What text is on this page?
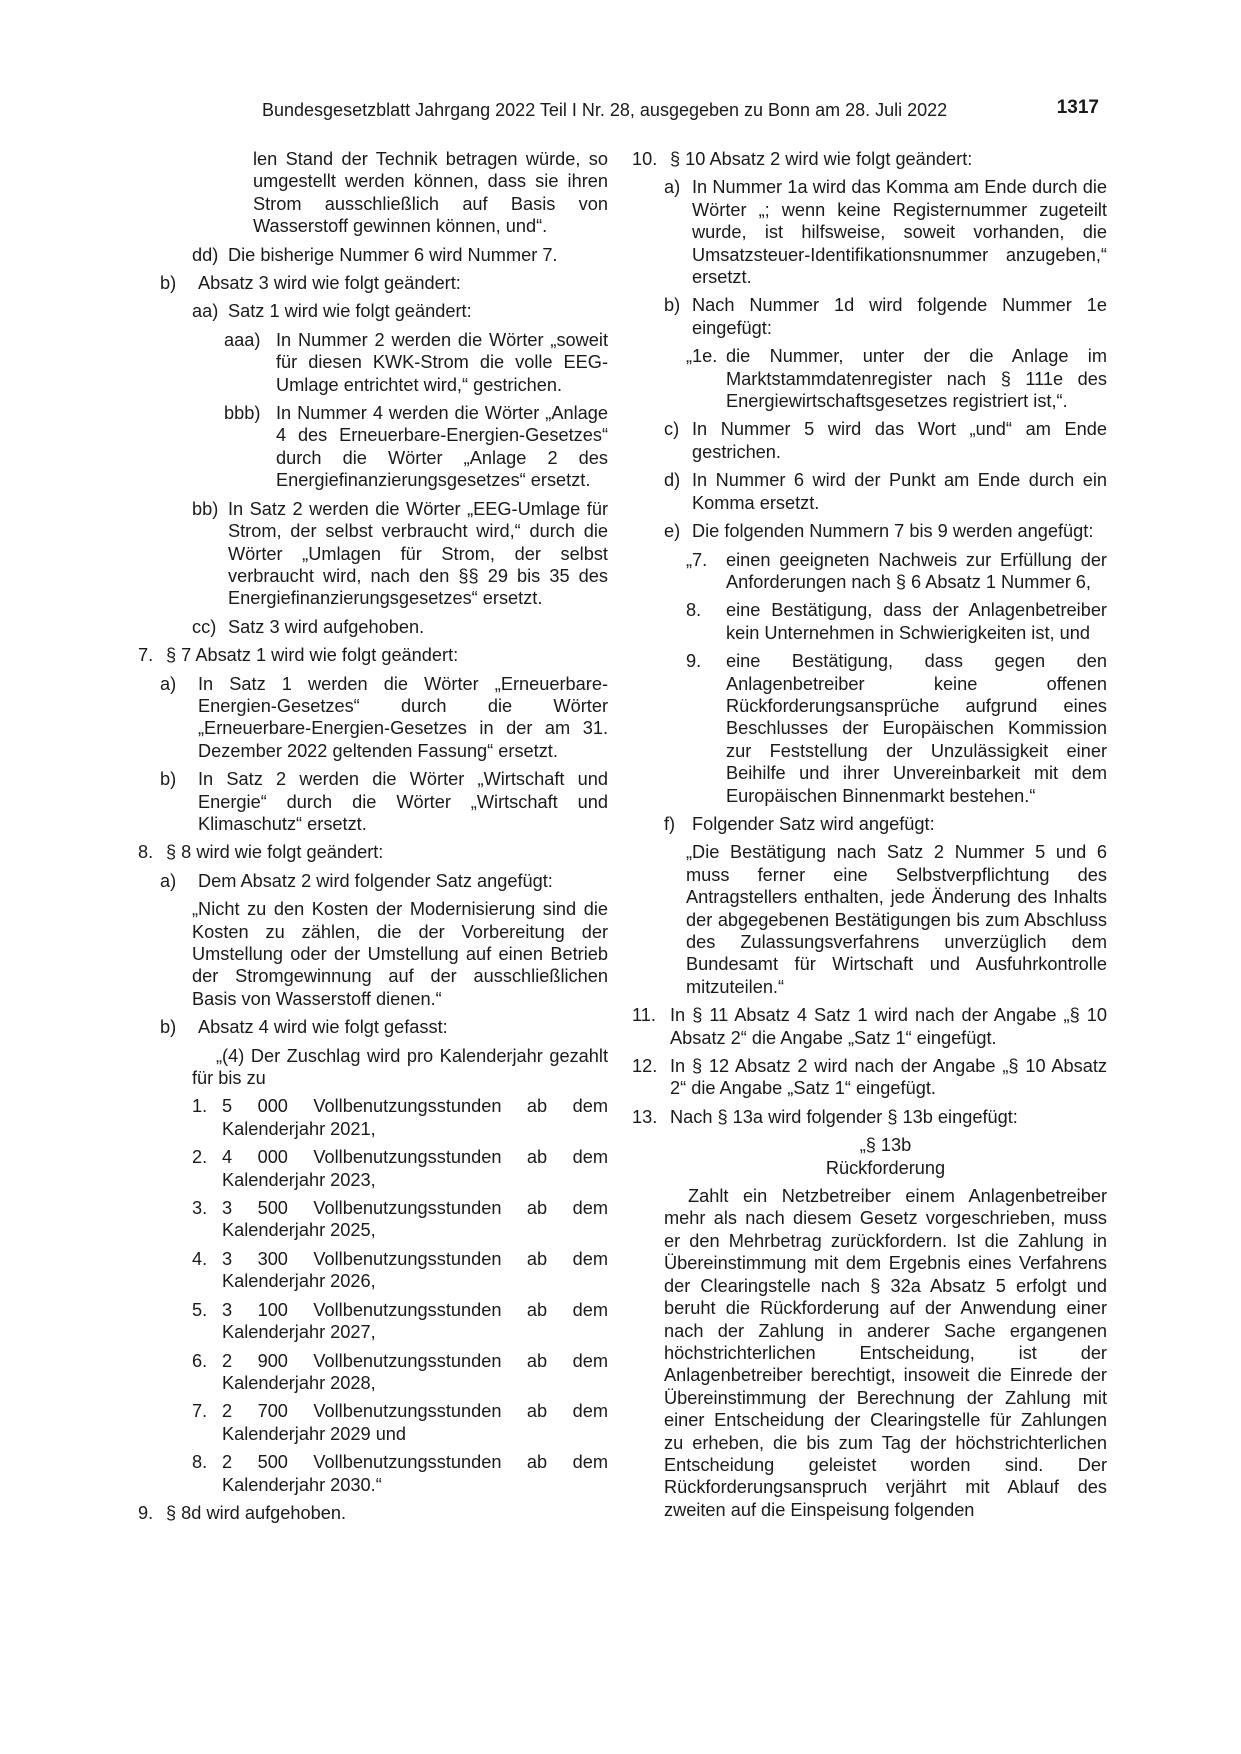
Bundesgesetzblatt Jahrgang 2022 Teil I Nr. 28, ausgegeben zu Bonn am 28. Juli 2022	1317
len Stand der Technik betragen würde, so umgestellt werden können, dass sie ihren Strom ausschließlich auf Basis von Wasserstoff gewinnen können, und“.
dd) Die bisherige Nummer 6 wird Nummer 7.
b) Absatz 3 wird wie folgt geändert:
aa) Satz 1 wird wie folgt geändert:
aaa) In Nummer 2 werden die Wörter „soweit für diesen KWK-Strom die volle EEG-Umlage entrichtet wird,“ gestrichen.
bbb) In Nummer 4 werden die Wörter „Anlage 4 des Erneuerbare-Energien-Gesetzes“ durch die Wörter „Anlage 2 des Energiefinanzierungsgesetzes“ ersetzt.
bb) In Satz 2 werden die Wörter „EEG-Umlage für Strom, der selbst verbraucht wird,“ durch die Wörter „Umlagen für Strom, der selbst verbraucht wird, nach den §§ 29 bis 35 des Energiefinanzierungsgesetzes“ ersetzt.
cc) Satz 3 wird aufgehoben.
7. § 7 Absatz 1 wird wie folgt geändert:
a) In Satz 1 werden die Wörter „Erneuerbare-Energien-Gesetzes“ durch die Wörter „Erneuerbare-Energien-Gesetzes in der am 31. Dezember 2022 geltenden Fassung“ ersetzt.
b) In Satz 2 werden die Wörter „Wirtschaft und Energie“ durch die Wörter „Wirtschaft und Klimaschutz“ ersetzt.
8. § 8 wird wie folgt geändert:
a) Dem Absatz 2 wird folgender Satz angefügt:
„Nicht zu den Kosten der Modernisierung sind die Kosten zu zählen, die der Vorbereitung der Umstellung oder der Umstellung auf einen Betrieb der Stromgewinnung auf der ausschließlichen Basis von Wasserstoff dienen.“
b) Absatz 4 wird wie folgt gefasst:
„(4) Der Zuschlag wird pro Kalenderjahr gezahlt für bis zu
1. 5 000 Vollbenutzungsstunden ab dem Kalenderjahr 2021,
2. 4 000 Vollbenutzungsstunden ab dem Kalenderjahr 2023,
3. 3 500 Vollbenutzungsstunden ab dem Kalenderjahr 2025,
4. 3 300 Vollbenutzungsstunden ab dem Kalenderjahr 2026,
5. 3 100 Vollbenutzungsstunden ab dem Kalenderjahr 2027,
6. 2 900 Vollbenutzungsstunden ab dem Kalenderjahr 2028,
7. 2 700 Vollbenutzungsstunden ab dem Kalenderjahr 2029 und
8. 2 500 Vollbenutzungsstunden ab dem Kalenderjahr 2030.“
9. § 8d wird aufgehoben.
10. § 10 Absatz 2 wird wie folgt geändert:
a) In Nummer 1a wird das Komma am Ende durch die Wörter „; wenn keine Registernummer zugeteilt wurde, ist hilfsweise, soweit vorhanden, die Umsatzsteuer-Identifikationsnummer anzugeben,“ ersetzt.
b) Nach Nummer 1d wird folgende Nummer 1e eingefügt:
„1e. die Nummer, unter der die Anlage im Marktstammdatenregister nach § 111e des Energiewirtschaftsgesetzes registriert ist,“.
c) In Nummer 5 wird das Wort „und“ am Ende gestrichen.
d) In Nummer 6 wird der Punkt am Ende durch ein Komma ersetzt.
e) Die folgenden Nummern 7 bis 9 werden angefügt:
„7. einen geeigneten Nachweis zur Erfüllung der Anforderungen nach § 6 Absatz 1 Nummer 6,
8. eine Bestätigung, dass der Anlagenbetreiber kein Unternehmen in Schwierigkeiten ist, und
9. eine Bestätigung, dass gegen den Anlagenbetreiber keine offenen Rückforderungsansprüche aufgrund eines Beschlusses der Europäischen Kommission zur Feststellung der Unzulässigkeit einer Beihilfe und ihrer Unvereinbarkeit mit dem Europäischen Binnenmarkt bestehen.“
f) Folgender Satz wird angefügt:
„Die Bestätigung nach Satz 2 Nummer 5 und 6 muss ferner eine Selbstverpflichtung des Antragstellers enthalten, jede Änderung des Inhalts der abgegebenen Bestätigungen bis zum Abschluss des Zulassungsverfahrens unverzüglich dem Bundesamt für Wirtschaft und Ausfuhrkontrolle mitzuteilen.“
11. In § 11 Absatz 4 Satz 1 wird nach der Angabe „§ 10 Absatz 2“ die Angabe „Satz 1“ eingefügt.
12. In § 12 Absatz 2 wird nach der Angabe „§ 10 Absatz 2“ die Angabe „Satz 1“ eingefügt.
13. Nach § 13a wird folgender § 13b eingefügt:
„§ 13b
Rückforderung
Zahlt ein Netzbetreiber einem Anlagenbetreiber mehr als nach diesem Gesetz vorgeschrieben, muss er den Mehrbetrag zurückfordern. Ist die Zahlung in Übereinstimmung mit dem Ergebnis eines Verfahrens der Clearingstelle nach § 32a Absatz 5 erfolgt und beruht die Rückforderung auf der Anwendung einer nach der Zahlung in anderer Sache ergangenen höchstrichterlichen Entscheidung, ist der Anlagenbetreiber berechtigt, insoweit die Einrede der Übereinstimmung der Berechnung der Zahlung mit einer Entscheidung der Clearingstelle für Zahlungen zu erheben, die bis zum Tag der höchstrichterlichen Entscheidung geleistet worden sind. Der Rückforderungsanspruch verjährt mit Ablauf des zweiten auf die Einspeisung folgenden
